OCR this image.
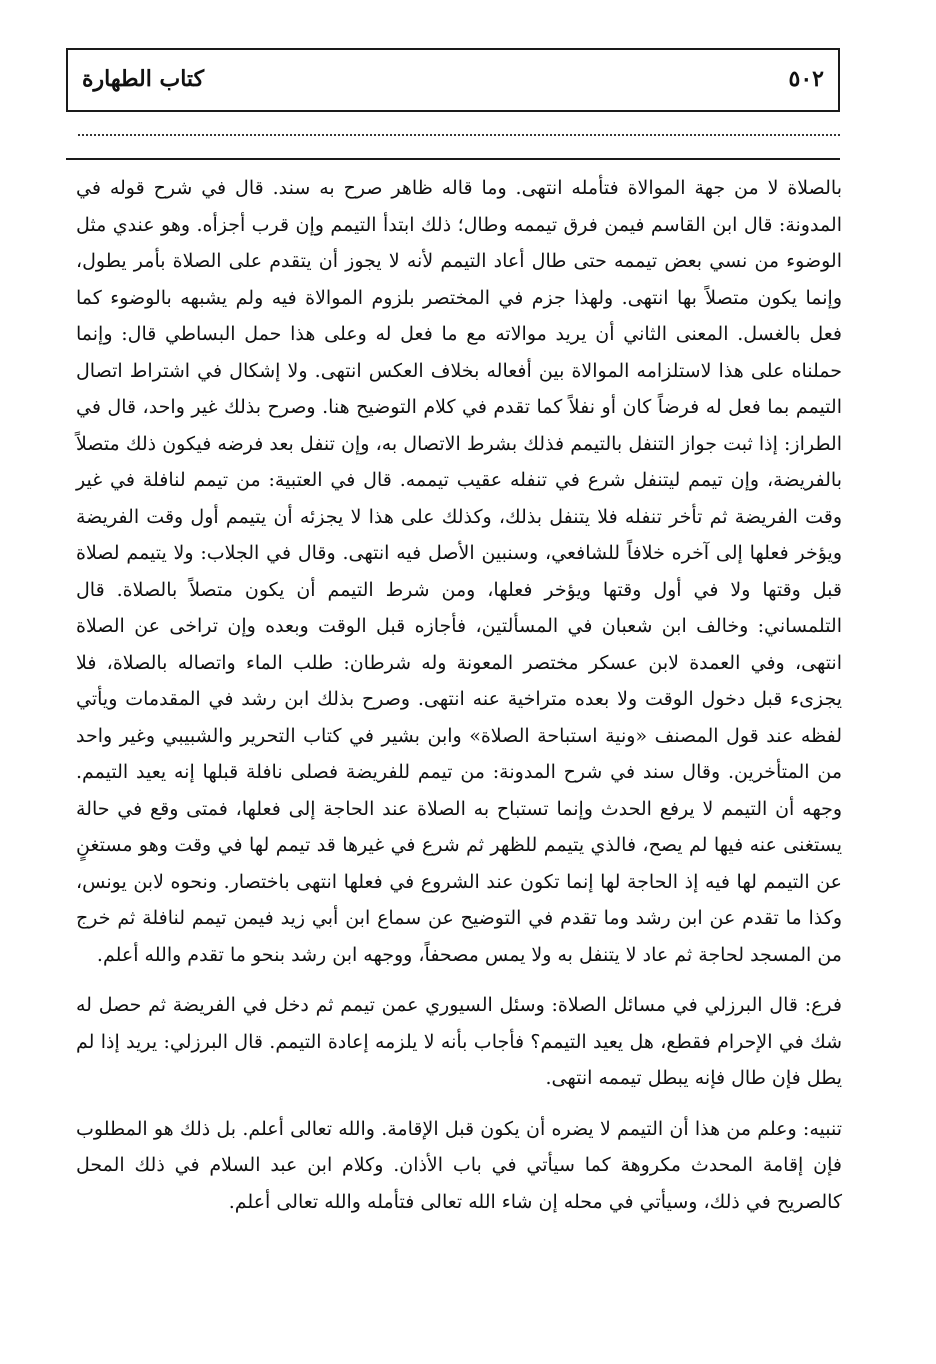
كتاب الطهارة	٥٠٢

بالصلاة لا من جهة الموالاة فتأمله انتهى. وما قاله ظاهر صرح به سند. قال في شرح قوله في المدونة: قال ابن القاسم فيمن فرق تيممه وطال؛ ذلك ابتدأ التيمم وإن قرب أجزأه. وهو عندي مثل الوضوء من نسي بعض تيممه حتى طال أعاد التيمم لأنه لا يجوز أن يتقدم على الصلاة بأمر يطول، وإنما يكون متصلاً بها انتهى. ولهذا جزم في المختصر بلزوم الموالاة فيه ولم يشبهه بالوضوء كما فعل بالغسل. المعنى الثاني أن يريد موالاته مع ما فعل له وعلى هذا حمل البساطي قال: وإنما حملناه على هذا لاستلزامه الموالاة بين أفعاله بخلاف العكس انتهى. ولا إشكال في اشتراط اتصال التيمم بما فعل له فرضاً كان أو نفلاً كما تقدم في كلام التوضيح هنا. وصرح بذلك غير واحد، قال في الطراز: إذا ثبت جواز التنفل بالتيمم فذلك بشرط الاتصال به، وإن تنفل بعد فرضه فيكون ذلك متصلاً بالفريضة، وإن تيمم ليتنفل شرع في تنفله عقيب تيممه. قال في العتبية: من تيمم لنافلة في غير وقت الفريضة ثم تأخر تنفله فلا يتنفل بذلك، وكذلك على هذا لا يجزئه أن يتيمم أول وقت الفريضة ويؤخر فعلها إلى آخره خلافاً للشافعي، وسنبين الأصل فيه انتهى. وقال في الجلاب: ولا يتيمم لصلاة قبل وقتها ولا في أول وقتها ويؤخر فعلها، ومن شرط التيمم أن يكون متصلاً بالصلاة. قال التلمساني: وخالف ابن شعبان في المسألتين، فأجازه قبل الوقت وبعده وإن تراخى عن الصلاة انتهى، وفي العمدة لابن عسكر مختصر المعونة وله شرطان: طلب الماء واتصاله بالصلاة، فلا يجزىء قبل دخول الوقت ولا بعده متراخية عنه انتهى. وصرح بذلك ابن رشد في المقدمات ويأتي لفظه عند قول المصنف «ونية استباحة الصلاة» وابن بشير في كتاب التحرير والشبيبي وغير واحد من المتأخرين. وقال سند في شرح المدونة: من تيمم للفريضة فصلى نافلة قبلها إنه يعيد التيمم. وجهه أن التيمم لا يرفع الحدث وإنما تستباح به الصلاة عند الحاجة إلى فعلها، فمتى وقع في حالة يستغنى عنه فيها لم يصح، فالذي يتيمم للظهر ثم شرع في غيرها قد تيمم لها في وقت وهو مستغنٍ عن التيمم لها فيه إذ الحاجة لها إنما تكون عند الشروع في فعلها انتهى باختصار. ونحوه لابن يونس، وكذا ما تقدم عن ابن رشد وما تقدم في التوضيح عن سماع ابن أبي زيد فيمن تيمم لنافلة ثم خرج من المسجد لحاجة ثم عاد لا يتنفل به ولا يمس مصحفاً، ووجهه ابن رشد بنحو ما تقدم والله أعلم.

فرع: قال البرزلي في مسائل الصلاة: وسئل السيوري عمن تيمم ثم دخل في الفريضة ثم حصل له شك في الإحرام فقطع، هل يعيد التيمم؟ فأجاب بأنه لا يلزمه إعادة التيمم. قال البرزلي: يريد إذا لم يطل فإن طال فإنه يبطل تيممه انتهى.

تنبيه: وعلم من هذا أن التيمم لا يضره أن يكون قبل الإقامة. والله تعالى أعلم. بل ذلك هو المطلوب فإن إقامة المحدث مكروهة كما سيأتي في باب الأذان. وكلام ابن عبد السلام في ذلك المحل كالصريح في ذلك، وسيأتي في محله إن شاء الله تعالى فتأمله والله تعالى أعلم.
